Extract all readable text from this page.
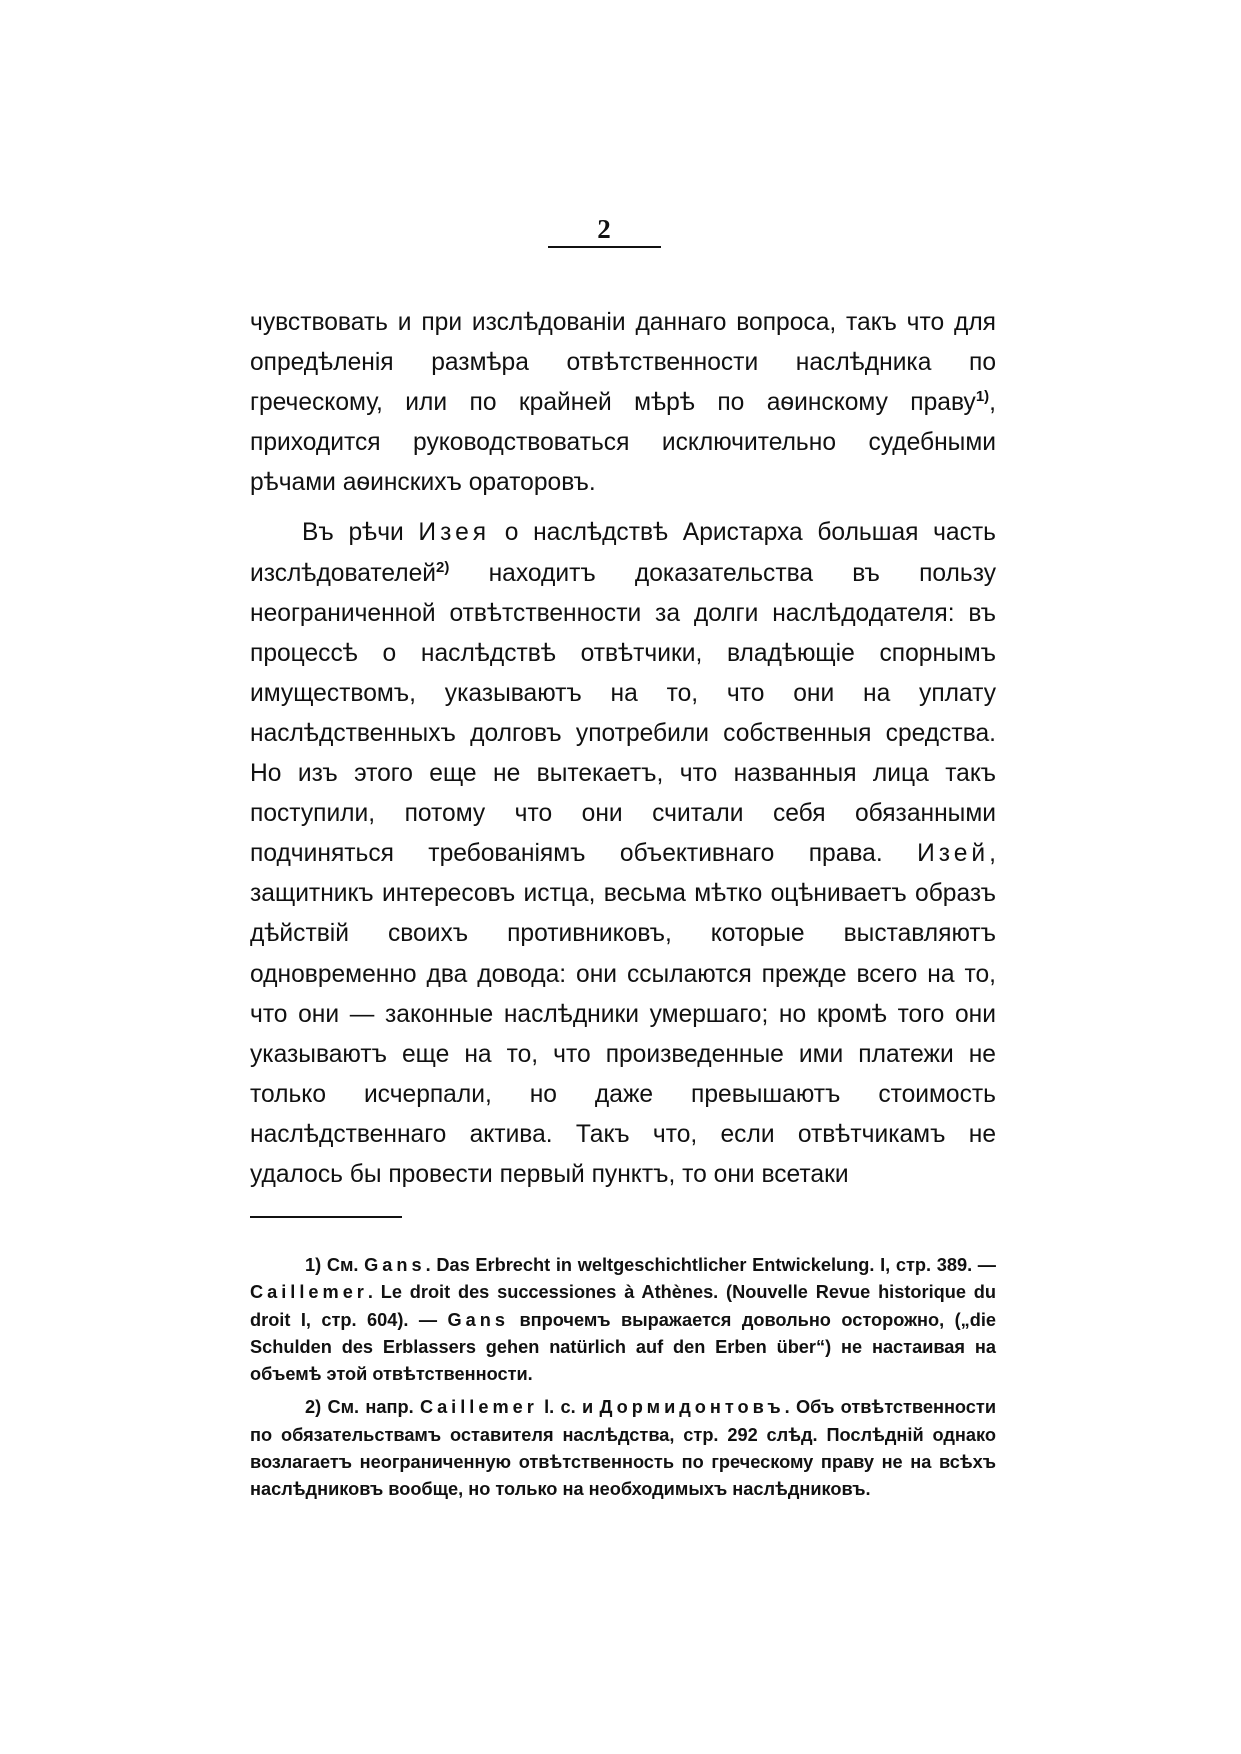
2

чувствовать и при изслѣдованіи даннаго вопроса, такъ что для опредѣленія размѣра отвѣтственности наслѣдника по греческому, или по крайней мѣрѣ по аѳинскому праву$^{1)}$, приходится руководствоваться исключительно судебными рѣчами аѳинскихъ ораторовъ.

Въ рѣчи Изея о наслѣдствѣ Аристарха большая часть изслѣдователей$^{2)}$ находитъ доказательства въ пользу неограниченной отвѣтственности за долги наслѣдодателя: въ процессѣ о наслѣдствѣ отвѣтчики, владѣющіе спорнымъ имуществомъ, указываютъ на то, что они на уплату наслѣдственныхъ долговъ употребили собственныя средства. Но изъ этого еще не вытекаетъ, что названныя лица такъ поступили, потому что они считали себя обязанными подчиняться требованіямъ объективнаго права. Изей, защитникъ интересовъ истца, весьма мѣтко оцѣниваетъ образъ дѣйствій своихъ противниковъ, которые выставляютъ одновременно два довода: они ссылаются прежде всего на то, что они — законные наслѣдники умершаго; но кромѣ того они указываютъ еще на то, что произведенные ими платежи не только исчерпали, но даже превышаютъ стоимость наслѣдственнаго актива. Такъ что, если отвѣтчикамъ не удалось бы провести первый пунктъ, то они всетаки

1) См. Gans. Das Erbrecht in weltgeschichtlicher Entwickelung. I, стр. 389. — Caillemer. Le droit des successiones à Athènes. (Nouvelle Revue historique du droit I, стр. 604). — Gans впрочемъ выражается довольно осторожно, („die Schulden des Erblassers gehen natürlich auf den Erben über“) не настаивая на объемѣ этой отвѣтственности.

2) См. напр. Caillemer l. c. и Дормидонтовъ. Объ отвѣтственности по обязательствамъ оставителя наслѣдства, стр. 292 слѣд. Послѣдній однако возлагаетъ неограниченную отвѣтственность по греческому праву не на всѣхъ наслѣдниковъ вообще, но только на необходимыхъ наслѣдниковъ.
